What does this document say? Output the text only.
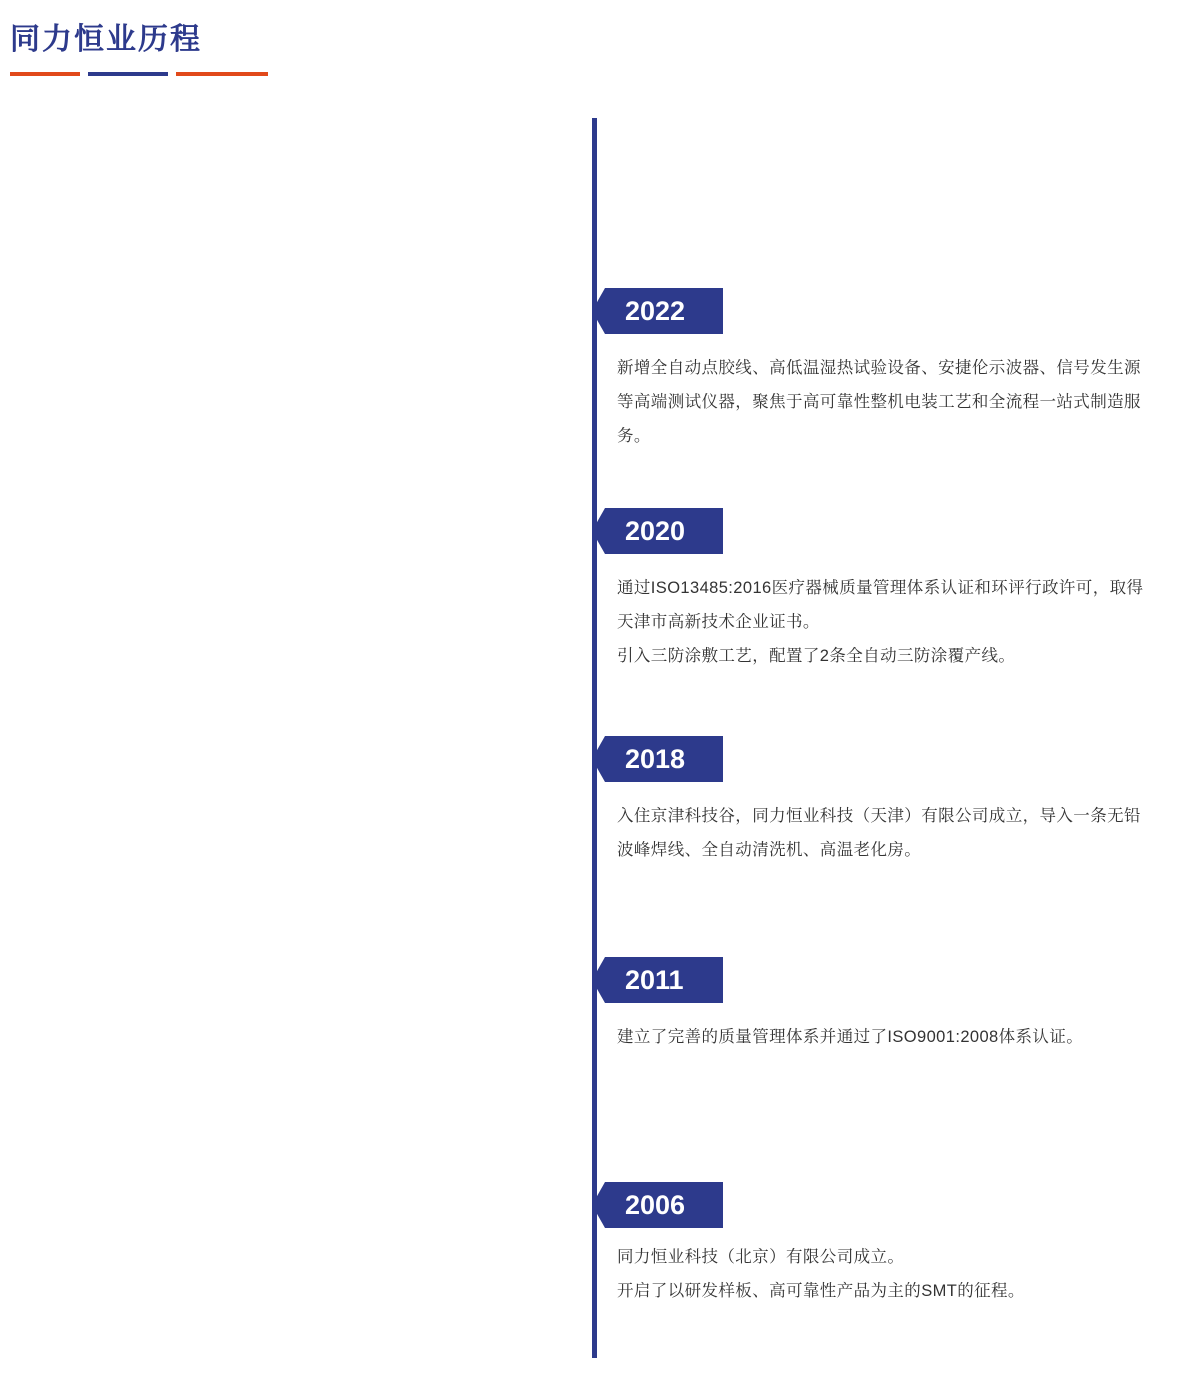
同力恒业历程
2022
新增全自动点胶线、高低温湿热试验设备、安捷伦示波器、信号发生源等高端测试仪器，聚焦于高可靠性整机电装工艺和全流程一站式制造服务。
2020
通过ISO13485:2016医疗器械质量管理体系认证和环评行政许可，取得天津市高新技术企业证书。
引入三防涂敷工艺，配置了2条全自动三防涂覆产线。
2018
入住京津科技谷，同力恒业科技（天津）有限公司成立，导入一条无铅波峰焊线、全自动清洗机、高温老化房。
2011
建立了完善的质量管理体系并通过了ISO9001:2008体系认证。
2006
同力恒业科技（北京）有限公司成立。
开启了以研发样板、高可靠性产品为主的SMT的征程。
